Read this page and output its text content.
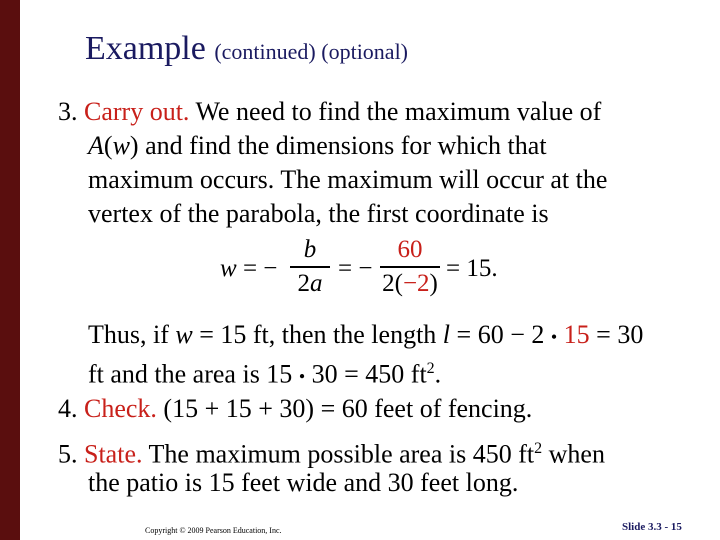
Example (continued) (optional)
3. Carry out. We need to find the maximum value of
A(w) and find the dimensions for which that
maximum occurs. The maximum will occur at the
vertex of the parabola, the first coordinate is
w = −
b
2a
= −
60
2(−2)
= 15.
Thus, if w = 15 ft, then the length l = 60 − 2 • 15 = 30
ft and the area is 15 • 30 = 450 $ft^2$.
4. Check. (15 + 15 + 30) = 60 feet of fencing.
5. State. The maximum possible area is 450 $ft^2$ when
the patio is 15 feet wide and 30 feet long.
Copyright © 2009 Pearson Education, Inc.	Slide 3.3 - 15
